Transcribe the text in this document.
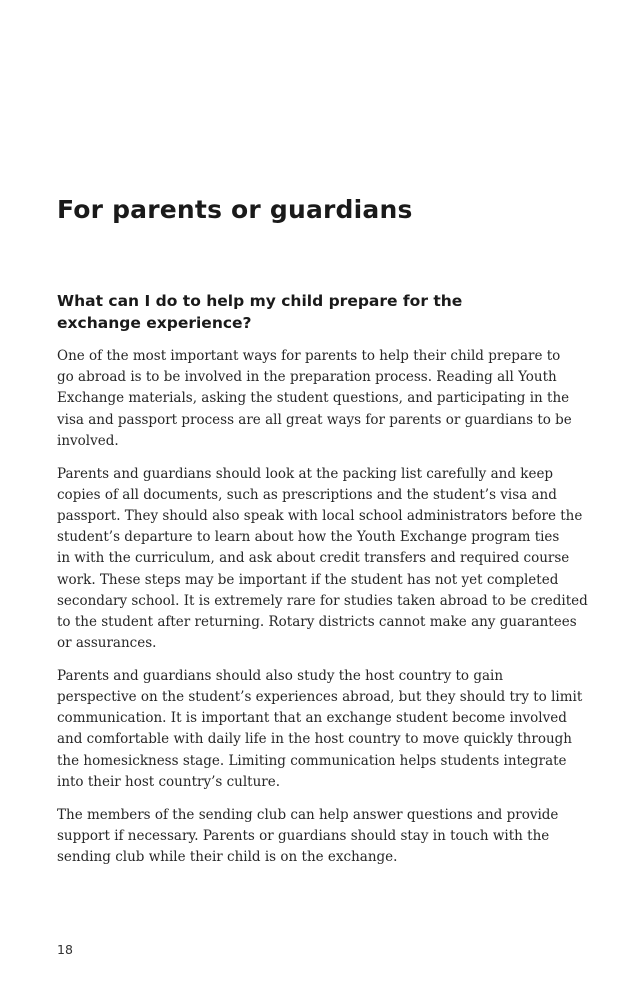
For parents or guardians
What can I do to help my child prepare for the
exchange experience?

One of the most important ways for parents to help their child prepare to
go abroad is to be involved in the preparation process. Reading all Youth
Exchange materials, asking the student questions, and participating in the
visa and passport process are all great ways for parents or guardians to be
involved.

Parents and guardians should look at the packing list carefully and keep
copies of all documents, such as prescriptions and the student’s visa and
passport. They should also speak with local school administrators before the
student’s departure to learn about how the Youth Exchange program ties
in with the curriculum, and ask about credit transfers and required course
work. These steps may be important if the student has not yet completed
secondary school. It is extremely rare for studies taken abroad to be credited
to the student after returning. Rotary districts cannot make any guarantees
or assurances.

Parents and guardians should also study the host country to gain
perspective on the student’s experiences abroad, but they should try to limit
communication. It is important that an exchange student become involved
and comfortable with daily life in the host country to move quickly through
the homesickness stage. Limiting communication helps students integrate
into their host country’s culture.

The members of the sending club can help answer questions and provide
support if necessary. Parents or guardians should stay in touch with the
sending club while their child is on the exchange.

18
